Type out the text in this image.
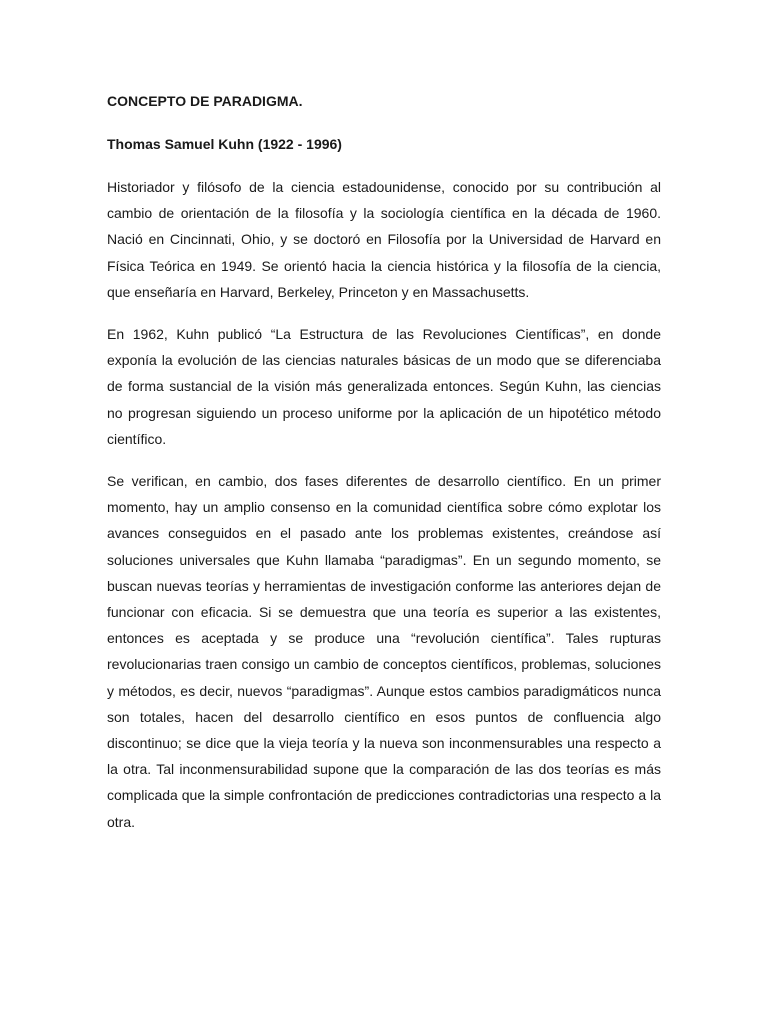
CONCEPTO DE PARADIGMA.

Thomas Samuel Kuhn (1922 - 1996)

Historiador y filósofo de la ciencia estadounidense, conocido por su contribución al cambio de orientación de la filosofía y la sociología científica en la década de 1960. Nació en Cincinnati, Ohio, y se doctoró en Filosofía por la Universidad de Harvard en Física Teórica en 1949. Se orientó hacia la ciencia histórica y la filosofía de la ciencia, que enseñaría en Harvard, Berkeley, Princeton y en Massachusetts.

En 1962, Kuhn publicó “La Estructura de las Revoluciones Científicas”, en donde exponía la evolución de las ciencias naturales básicas de un modo que se diferenciaba de forma sustancial de la visión más generalizada entonces. Según Kuhn, las ciencias no progresan siguiendo un proceso uniforme por la aplicación de un hipotético método científico.

Se verifican, en cambio, dos fases diferentes de desarrollo científico. En un primer momento, hay un amplio consenso en la comunidad científica sobre cómo explotar los avances conseguidos en el pasado ante los problemas existentes, creándose así soluciones universales que Kuhn llamaba “paradigmas”. En un segundo momento, se buscan nuevas teorías y herramientas de investigación conforme las anteriores dejan de funcionar con eficacia. Si se demuestra que una teoría es superior a las existentes, entonces es aceptada y se produce una “revolución científica”. Tales rupturas revolucionarias traen consigo un cambio de conceptos científicos, problemas, soluciones y métodos, es decir, nuevos “paradigmas”. Aunque estos cambios paradigmáticos nunca son totales, hacen del desarrollo científico en esos puntos de confluencia algo discontinuo; se dice que la vieja teoría y la nueva son inconmensurables una respecto a la otra. Tal inconmensurabilidad supone que la comparación de las dos teorías es más complicada que la simple confrontación de predicciones contradictorias una respecto a la otra.
